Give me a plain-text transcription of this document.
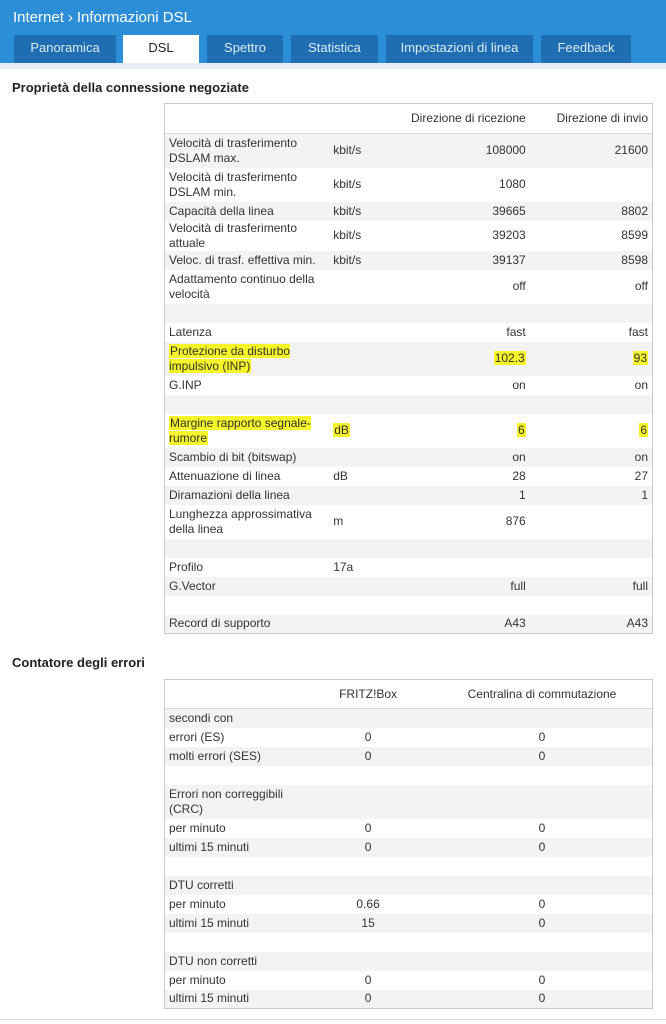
Internet › Informazioni DSL
Panoramica	DSL	Spettro	Statistica	Impostazioni di linea	Feedback
Proprietà della connessione negoziate
		Direzione di ricezione	Direzione di invio
Velocità di trasferimento DSLAM max.	kbit/s	108000	21600
Velocità di trasferimento DSLAM min.	kbit/s	1080	
Capacità della linea	kbit/s	39665	8802
Velocità di trasferimento attuale	kbit/s	39203	8599
Veloc. di trasf. effettiva min.	kbit/s	39137	8598
Adattamento continuo della velocità		off	off

Latenza		fast	fast
Protezione da disturbo impulsivo (INP)		102.3	93
G.INP		on	on

Margine rapporto segnale-rumore	dB	6	6
Scambio di bit (bitswap)		on	on
Attenuazione di linea	dB	28	27
Diramazioni della linea		1	1
Lunghezza approssimativa della linea	m	876	

Profilo	17a		
G.Vector		full	full

Record di supporto		A43	A43
Contatore degli errori
	FRITZ!Box	Centralina di commutazione
secondi con		
errori (ES)	0	0
molti errori (SES)	0	0

Errori non correggibili (CRC)		
per minuto	0	0
ultimi 15 minuti	0	0

DTU corretti		
per minuto	0.66	0
ultimi 15 minuti	15	0

DTU non corretti		
per minuto	0	0
ultimi 15 minuti	0	0
